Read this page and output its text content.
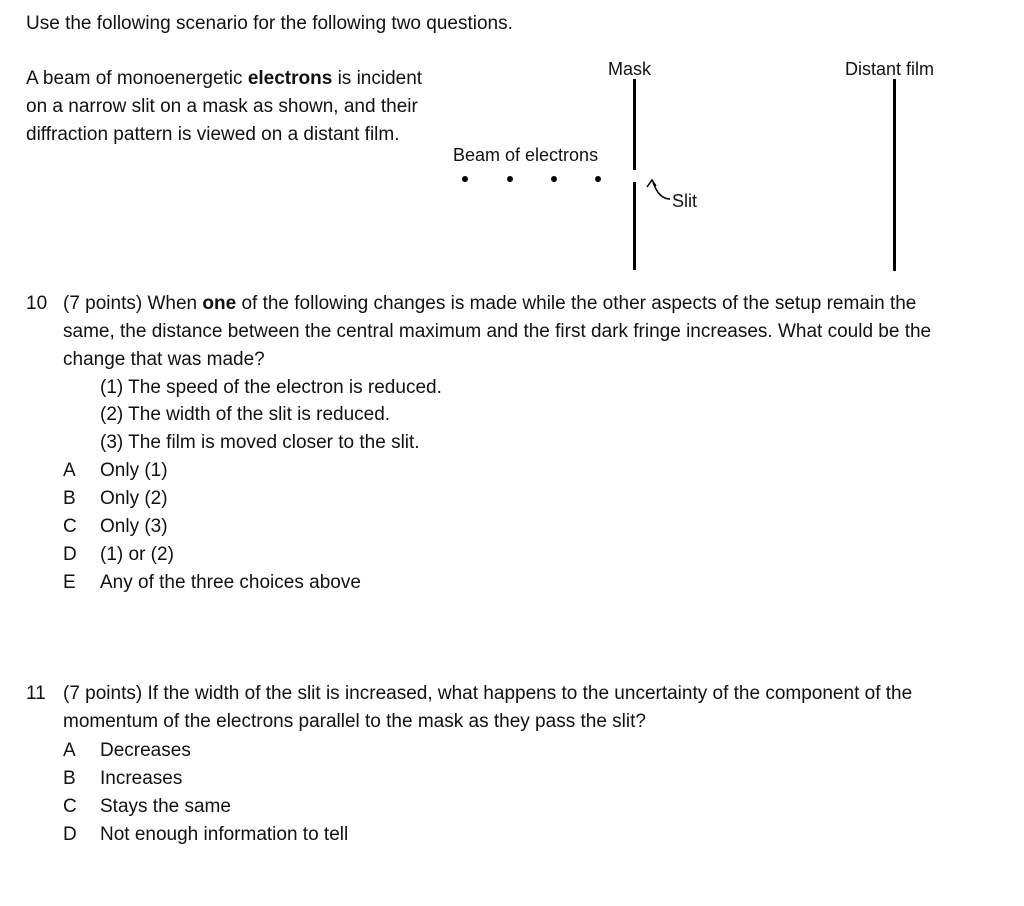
Use the following scenario for the following two questions.
A beam of monoenergetic electrons is incident on a narrow slit on a mask as shown, and their diffraction pattern is viewed on a distant film.
Mask	Distant film
Beam of electrons
Slit
10 (7 points) When one of the following changes is made while the other aspects of the setup remain the same, the distance between the central maximum and the first dark fringe increases. What could be the change that was made?
(1) The speed of the electron is reduced.
(2) The width of the slit is reduced.
(3) The film is moved closer to the slit.
A	Only (1)
B	Only (2)
C	Only (3)
D	(1) or (2)
E	Any of the three choices above
11 (7 points) If the width of the slit is increased, what happens to the uncertainty of the component of the momentum of the electrons parallel to the mask as they pass the slit?
A	Decreases
B	Increases
C	Stays the same
D	Not enough information to tell
